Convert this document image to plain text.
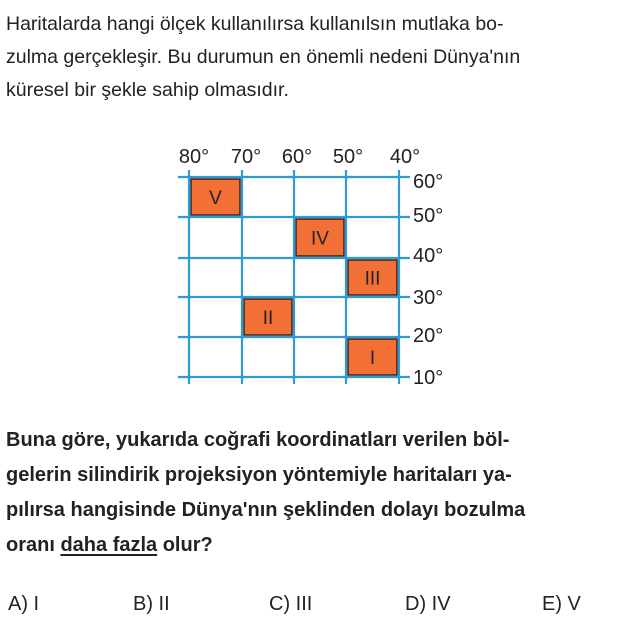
Haritalarda hangi ölçek kullanılırsa kullanılsın mutlaka bo-
zulma gerçekleşir. Bu durumun en önemli nedeni Dünya'nın
küresel bir şekle sahip olmasıdır.
V
IV
III
II
I
80° 70° 60° 50° 40°
60°
50°
40°
30°
20°
10°
Buna göre, yukarıda coğrafi koordinatları verilen böl-
gelerin silindirik projeksiyon yöntemiyle haritaları ya-
pılırsa hangisinde Dünya'nın şeklinden dolayı bozulma
oranı daha fazla olur?
A) I	B) II	C) III	D) IV	E) V
